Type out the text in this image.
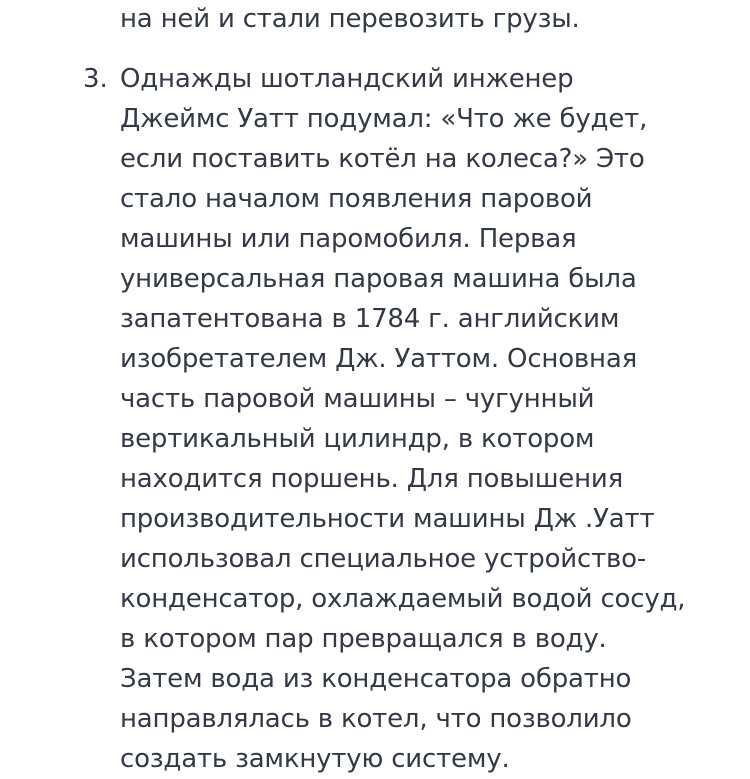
на ней и стали перевозить грузы.
3. Однажды шотландский инженер
Джеймс Уатт подумал: «Что же будет,
если поставить котёл на колеса?» Это
стало началом появления паровой
машины или паромобиля. Первая
универсальная паровая машина была
запатентована в 1784 г. английским
изобретателем Дж. Уаттом. Основная
часть паровой машины – чугунный
вертикальный цилиндр, в котором
находится поршень. Для повышения
производительности машины Дж .Уатт
использовал специальное устройство-
конденсатор, охлаждаемый водой сосуд,
в котором пар превращался в воду.
Затем вода из конденсатора обратно
направлялась в котел, что позволило
создать замкнутую систему.
